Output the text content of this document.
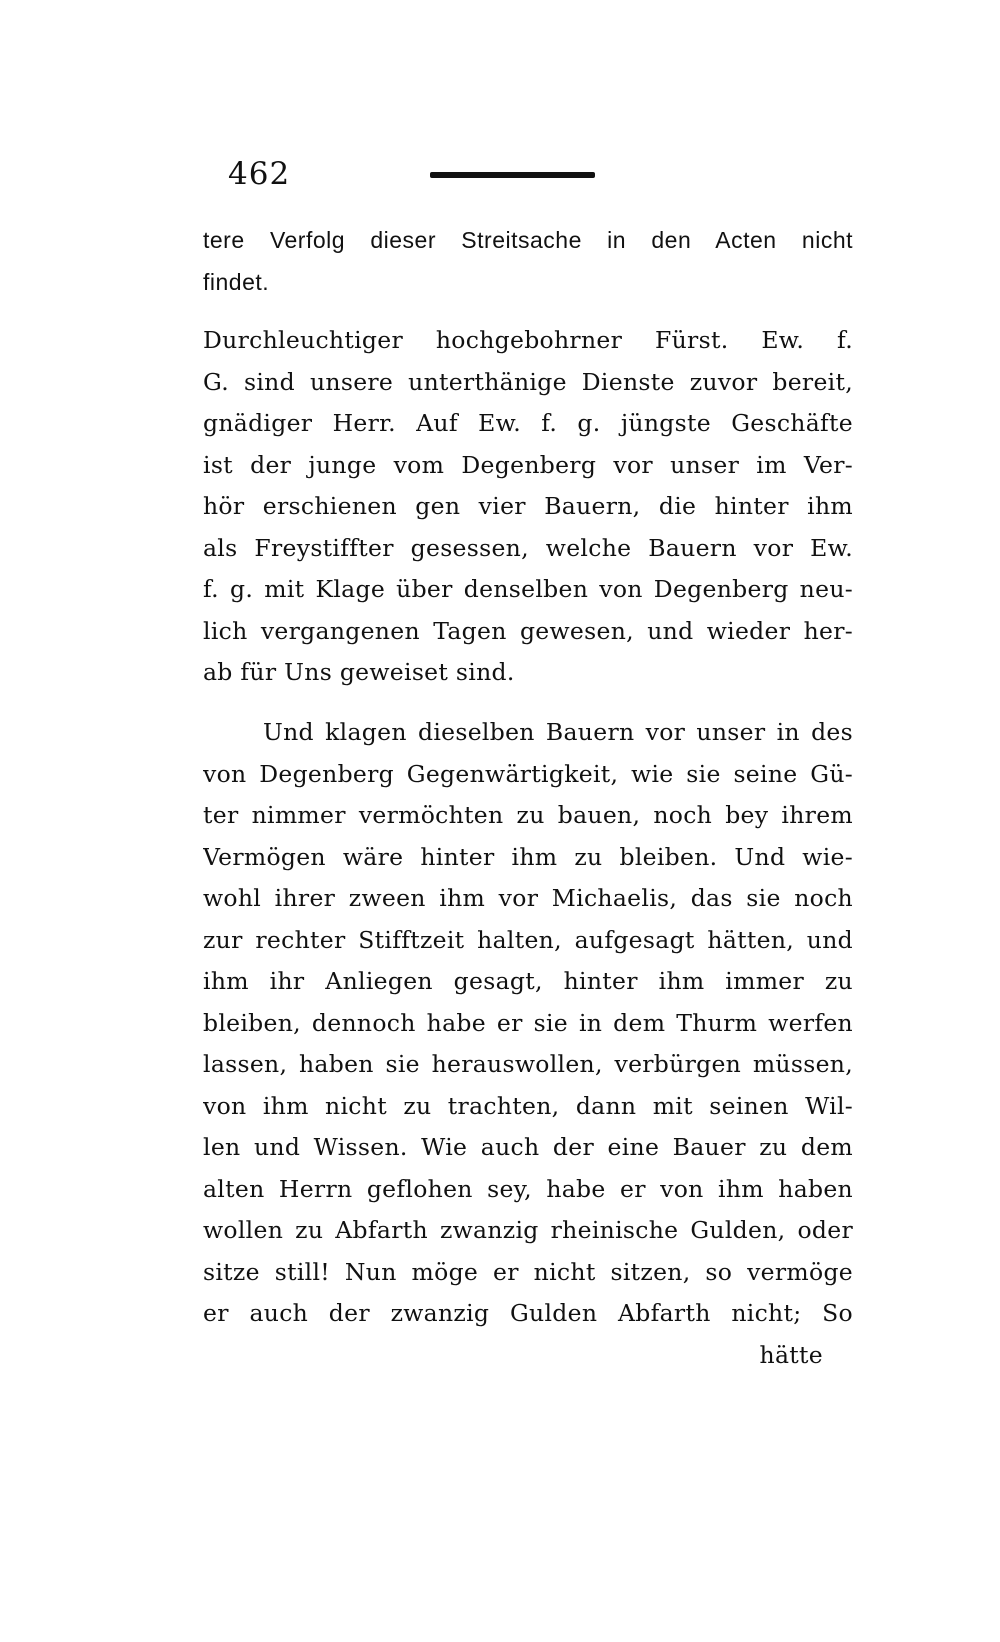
462
tere Verfolg dieser Streitsache in den Acten nicht
findet.
Durchleuchtiger hochgebohrner Fürst. Ew. f.
G. sind unsere unterthänige Dienste zuvor bereit,
gnädiger Herr. Auf Ew. f. g. jüngste Geschäfte
ist der junge vom Degenberg vor unser im Ver-
hör erschienen gen vier Bauern, die hinter ihm
als Freystiffter gesessen, welche Bauern vor Ew.
f. g. mit Klage über denselben von Degenberg neu-
lich vergangenen Tagen gewesen, und wieder her-
ab für Uns geweiset sind.
Und klagen dieselben Bauern vor unser in des
von Degenberg Gegenwärtigkeit, wie sie seine Gü-
ter nimmer vermöchten zu bauen, noch bey ihrem
Vermögen wäre hinter ihm zu bleiben. Und wie-
wohl ihrer zween ihm vor Michaelis, das sie noch
zur rechter Stifftzeit halten, aufgesagt hätten, und
ihm ihr Anliegen gesagt, hinter ihm immer zu
bleiben, dennoch habe er sie in dem Thurm werfen
lassen, haben sie herauswollen, verbürgen müssen,
von ihm nicht zu trachten, dann mit seinen Wil-
len und Wissen. Wie auch der eine Bauer zu dem
alten Herrn geflohen sey, habe er von ihm haben
wollen zu Abfarth zwanzig rheinische Gulden, oder
sitze still! Nun möge er nicht sitzen, so vermöge
er auch der zwanzig Gulden Abfarth nicht; So
hätte
